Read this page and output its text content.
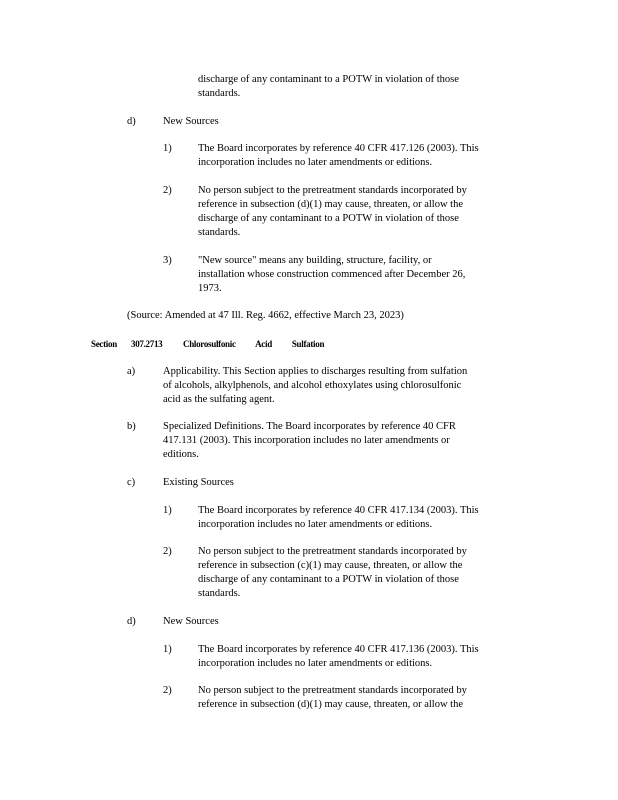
discharge of any contaminant to a POTW in violation of those
standards.
d)	New Sources
1)	The Board incorporates by reference 40 CFR 417.126 (2003). This
incorporation includes no later amendments or editions.
2)	No person subject to the pretreatment standards incorporated by
reference in subsection (d)(1) may cause, threaten, or allow the
discharge of any contaminant to a POTW in violation of those
standards.
3)	"New source" means any building, structure, facility, or
installation whose construction commenced after December 26,
1973.
(Source: Amended at 47 Ill. Reg. 4662, effective March 23, 2023)
Section 307.2713 Chlorosulfonic Acid Sulfation
a)	Applicability. This Section applies to discharges resulting from sulfation
of alcohols, alkylphenols, and alcohol ethoxylates using chlorosulfonic
acid as the sulfating agent.
b)	Specialized Definitions. The Board incorporates by reference 40 CFR
417.131 (2003). This incorporation includes no later amendments or
editions.
c)	Existing Sources
1)	The Board incorporates by reference 40 CFR 417.134 (2003). This
incorporation includes no later amendments or editions.
2)	No person subject to the pretreatment standards incorporated by
reference in subsection (c)(1) may cause, threaten, or allow the
discharge of any contaminant to a POTW in violation of those
standards.
d)	New Sources
1)	The Board incorporates by reference 40 CFR 417.136 (2003). This
incorporation includes no later amendments or editions.
2)	No person subject to the pretreatment standards incorporated by
reference in subsection (d)(1) may cause, threaten, or allow the
